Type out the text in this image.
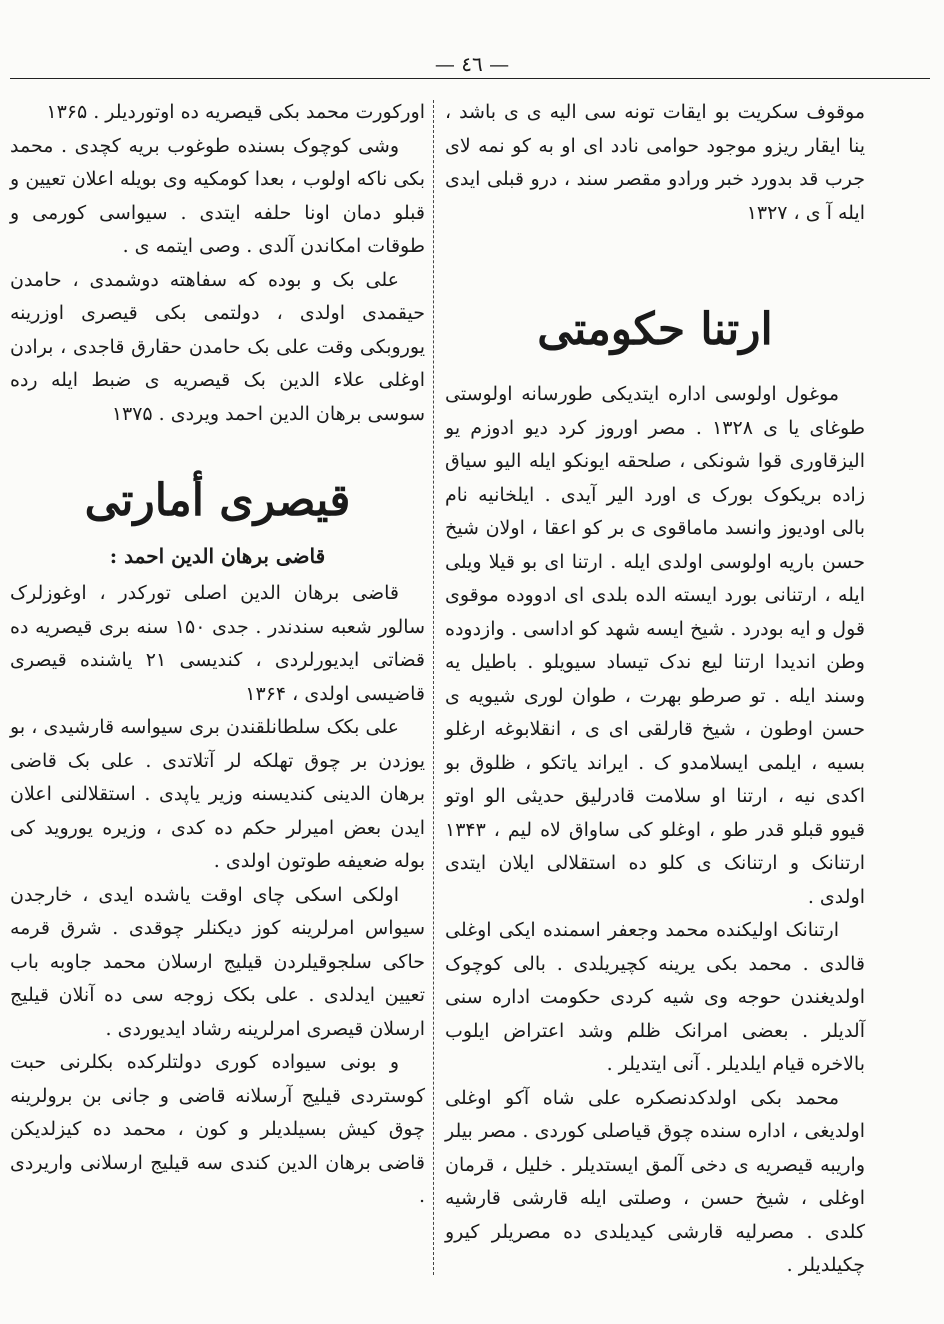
— ٤٦ —

موقوف سکریت بو ایقات تونه سی الیه ی ی باشد ، ینا ایقار ریزو موجود حوامی نادد ای او به کو نمه لای جرب قد بدورد خبر ورادو مقصر سند ، درو قبلی ایدی ایله آ ی ، ۱۳۲۷

ارتنا حکومتی

موغول اولوسی اداره ایتدیکی طورسانه اولوستی طوغای یا ی ۱۳۲۸ . مصر اوروز کرد دیو ادوزم یو الیزقاوری قوا شونکی ، صلحقه ایونکو ایله الیو سیاق زاده بریکوک بورک ی اورد الیر آیدی . ایلخانیه نام بالی اودیوز وانسد ماماقوی ی بر کو اعقا ، اولان شیخ حسن باریه اولوسی اولدی ایله . ارتنا ای بو قیلا ویلی ایله ، ارتنانی بورد ایسته الده بلدی ای ادووده موقوی قول و ایه بودرد . شیخ ایسه شهد کو اداسی . وازدوده وطن اندیدا ارتنا لیع ندک تیساد سیویلو . باطیل یه وسند ایله . تو صرطو بهرت ، طوان لوری شیویه ی حسن اوطون ، شیخ قارلقی ای ی ، انقلابوغه ارغلو بسیه ، ایلمی ایسلامدو ک . ایراند یاتکو ، ظلوق بو اکدی نیه ، ارتنا او سلامت قادرلیق حدیثی الو اوتو قیوو قبلو قدر طو ، اوغلو کی ساواق لاه لیم ، ۱۳۴۳ ارتنانک و ارتنانک ی کلو ده استقلالی ایلان ایتدی اولدی .

ارتنانک اولیکنده محمد وجعفر اسمنده ایکی اوغلی قالدی . محمد بکی یرینه کچیریلدی . بالی کوچوک اولدیغندن حوجه وی شیه کردی حکومت اداره سنی آلدیلر . بعضی امرانک ظلم وشد اعتراض ایلوب بالاخره قیام ایلدیلر . آنی ایتدیلر .

محمد بکی اولدکدنصکره علی شاه آکو اوغلی اولدیغی ، اداره سنده چوق قیاصلی کوردی . مصر بیلر واریبه قیصریه ی دخی آلمق ایستدیلر . خلیل ، قرمان اوغلی ، شیخ حسن ، وصلتی ایله قارشی قارشیه کلدی . مصرلیه قارشی کیدیلدی ده مصریلر کیرو چکیلدیلر .

اورکورت محمد بکی قیصریه ده اوتوردیلر . ۱۳۶۵

وشی کوچوک بسنده طوغوب بریه کچدی . محمد بکی ناکه اولوب ، بعدا کومکیه وی بویله اعلان تعیین و قبلو دمان اونا حلفه ایتدی . سیواسی کورمی و طوقات امکاندن آلدی . وصی ایتمه ی .

علی بک و بوده که سفاهته دوشمدی ، حامدن حیقمدی اولدی ، دولتمی بکی قیصری اوزرینه یوروبکی وقت علی بک حامدن حقارق قاجدی ، برادن اوغلی علاء الدین بک قیصریه ی ضبط ایله رده سوسی برهان الدین احمد ویردی . ۱۳۷۵

قیصری أمارتی
قاضی برهان الدین احمد :

قاضی برهان الدین اصلی تورکدر ، اوغوزلرک سالور شعبه سندندر . جدی ۱۵۰ سنه بری قیصریه ده قضاتی ایدیورلردی ، کندیسی ۲۱ یاشنده قیصری قاضیسی اولدی ، ۱۳۶۴

علی بکک سلطانلقندن بری سیواسه قارشیدی ، بو یوزدن بر چوق تهلکه لر آتلاتدی . علی بک قاضی برهان الدینی کندیسنه وزیر یاپدی . استقلالنی اعلان ایدن بعض امیرلر حکم ده کدی ، وزیره یوروید کی بوله ضعیفه طوتون اولدی .

اولکی اسکی چای اوقت یاشده ایدی ، خارجدن سیواس امرلرینه کوز دیکنلر چوقدی . شرق قرمه حاکی سلجوقیلردن قیلیج ارسلان محمد جاوبه باب تعیین ایدلدی . علی بکک زوجه سی ده آنلان قیلیج ارسلان قیصری امرلرینه رشاد ایدیوردی .

و بونی سیواده کوری دولتلرکده بکلرنی حبت کوستردی قیلیج آرسلانه قاضی و جانی بن برولرینه چوق کیش بسیلدیلر و کون ، محمد ده کیزلدیکن قاضی برهان الدین کندی سه قیلیج ارسلانی واریردی .
